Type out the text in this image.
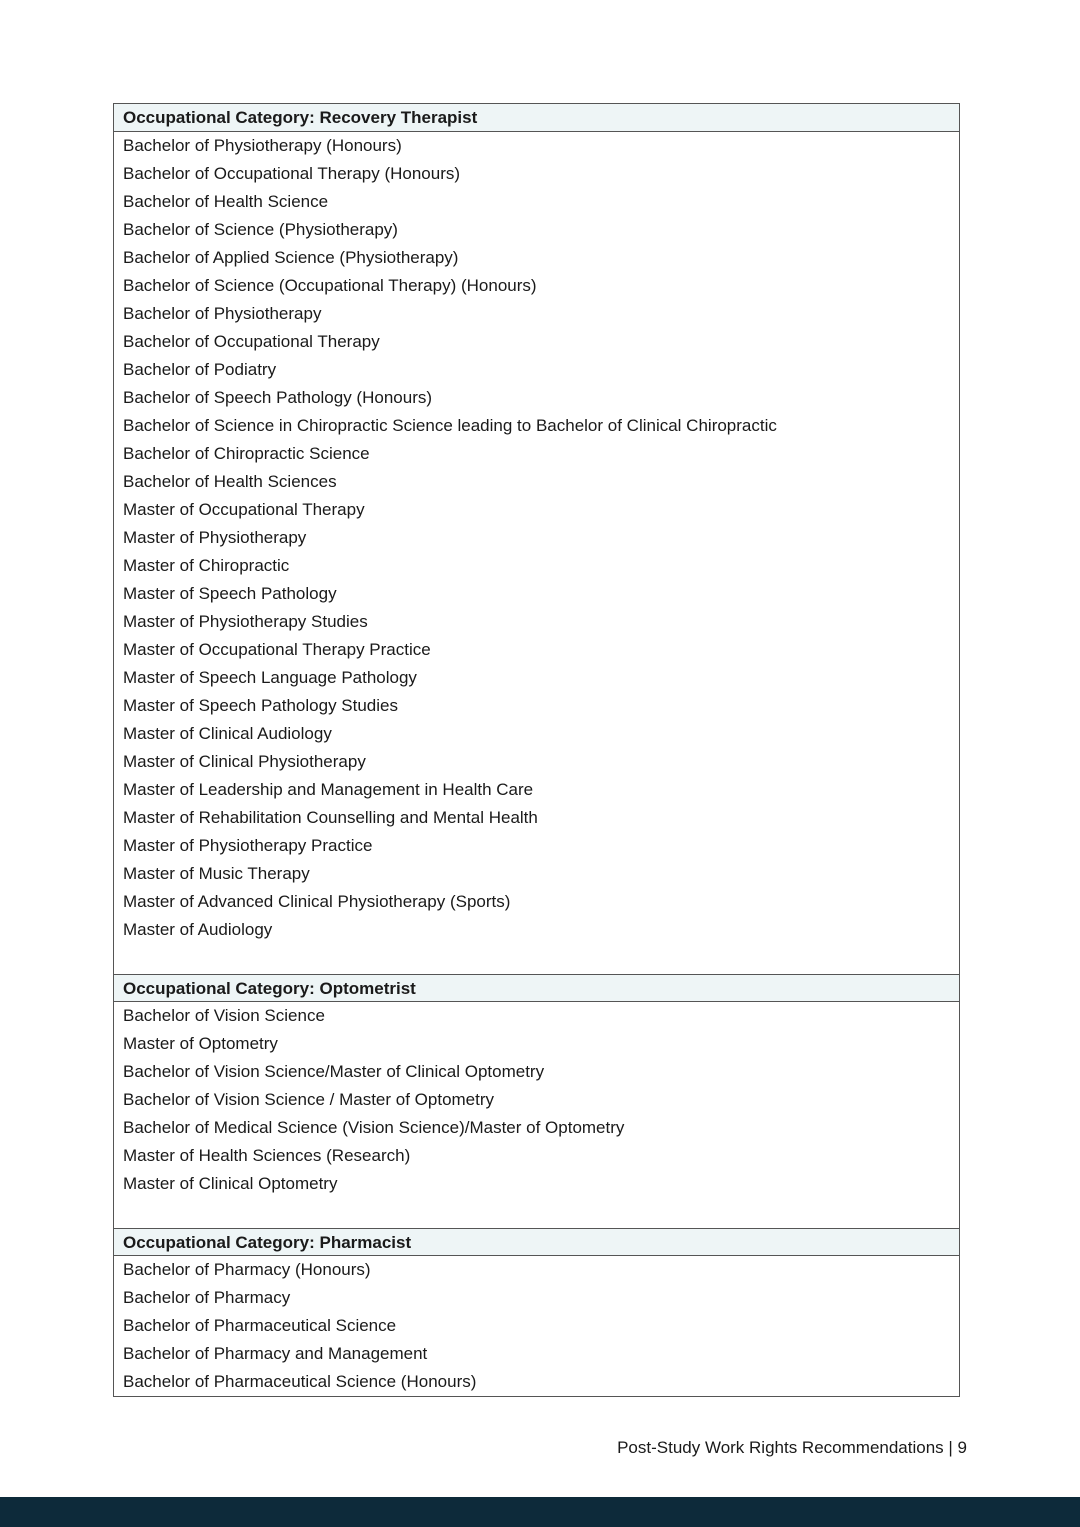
Occupational Category: Recovery Therapist
Bachelor of Physiotherapy (Honours)
Bachelor of Occupational Therapy (Honours)
Bachelor of Health Science
Bachelor of Science (Physiotherapy)
Bachelor of Applied Science (Physiotherapy)
Bachelor of Science (Occupational Therapy) (Honours)
Bachelor of Physiotherapy
Bachelor of Occupational Therapy
Bachelor of Podiatry
Bachelor of Speech Pathology (Honours)
Bachelor of Science in Chiropractic Science leading to Bachelor of Clinical Chiropractic
Bachelor of Chiropractic Science
Bachelor of Health Sciences
Master of Occupational Therapy
Master of Physiotherapy
Master of Chiropractic
Master of Speech Pathology
Master of Physiotherapy Studies
Master of Occupational Therapy Practice
Master of Speech Language Pathology
Master of Speech Pathology Studies
Master of Clinical Audiology
Master of Clinical Physiotherapy
Master of Leadership and Management in Health Care
Master of Rehabilitation Counselling and Mental Health
Master of Physiotherapy Practice
Master of Music Therapy
Master of Advanced Clinical Physiotherapy (Sports)
Master of Audiology
Occupational Category: Optometrist
Bachelor of Vision Science
Master of Optometry
Bachelor of Vision Science/Master of Clinical Optometry
Bachelor of Vision Science / Master of Optometry
Bachelor of Medical Science (Vision Science)/Master of Optometry
Master of Health Sciences (Research)
Master of Clinical Optometry
Occupational Category: Pharmacist
Bachelor of Pharmacy (Honours)
Bachelor of Pharmacy
Bachelor of Pharmaceutical Science
Bachelor of Pharmacy and Management
Bachelor of Pharmaceutical Science (Honours)
Post-Study Work Rights Recommendations | 9
